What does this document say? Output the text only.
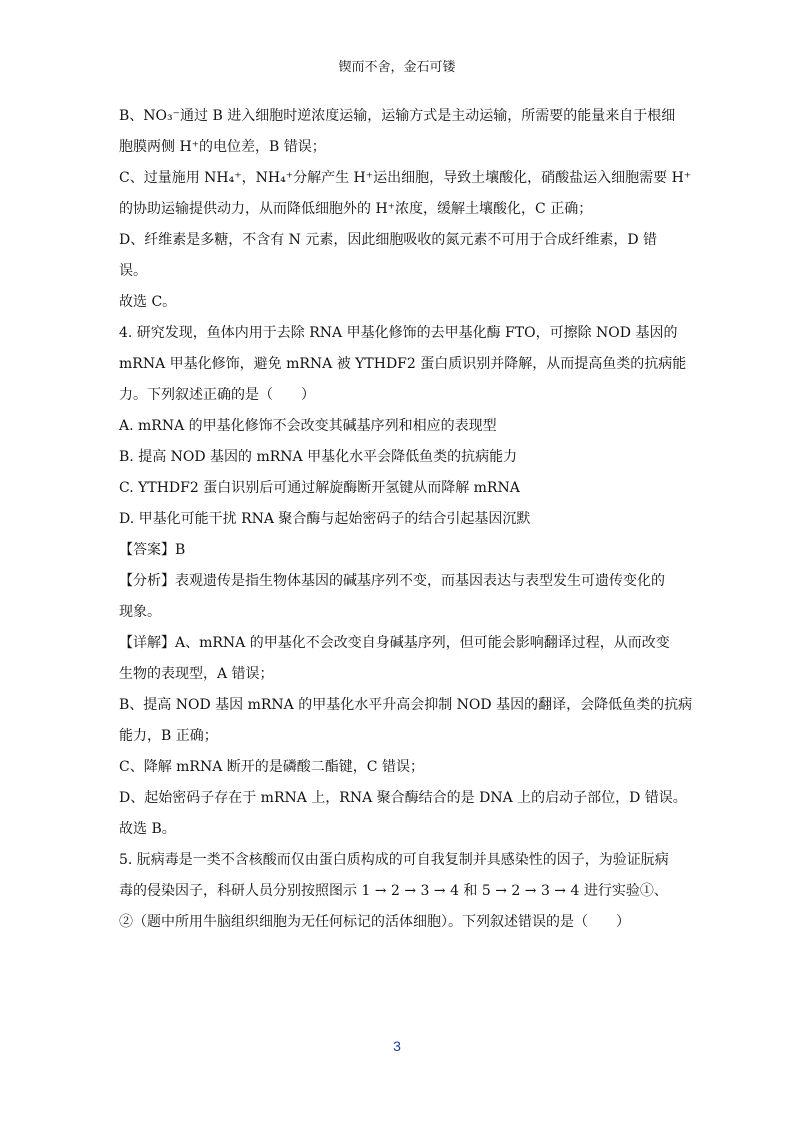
锲而不舍，金石可镂
B、NO₃⁻通过 B 进入细胞时逆浓度运输，运输方式是主动运输，所需要的能量来自于根细
胞膜两侧 H⁺的电位差，B 错误；
C、过量施用 NH₄⁺，NH₄⁺分解产生 H⁺运出细胞，导致土壤酸化，硝酸盐运入细胞需要 H⁺
的协助运输提供动力，从而降低细胞外的 H⁺浓度，缓解土壤酸化，C 正确；
D、纤维素是多糖，不含有 N 元素，因此细胞吸收的氮元素不可用于合成纤维素，D 错
误。
故选 C。
4. 研究发现，鱼体内用于去除 RNA 甲基化修饰的去甲基化酶 FTO，可擦除 NOD 基因的
mRNA 甲基化修饰，避免 mRNA 被 YTHDF2 蛋白质识别并降解，从而提高鱼类的抗病能
力。下列叙述正确的是（　　）
A. mRNA 的甲基化修饰不会改变其碱基序列和相应的表现型
B. 提高 NOD 基因的 mRNA 甲基化水平会降低鱼类的抗病能力
C. YTHDF2 蛋白识别后可通过解旋酶断开氢键从而降解 mRNA
D. 甲基化可能干扰 RNA 聚合酶与起始密码子的结合引起基因沉默
【答案】B
【分析】表观遗传是指生物体基因的碱基序列不变，而基因表达与表型发生可遗传变化的
现象。
【详解】A、mRNA 的甲基化不会改变自身碱基序列，但可能会影响翻译过程，从而改变
生物的表现型，A 错误；
B、提高 NOD 基因 mRNA 的甲基化水平升高会抑制 NOD 基因的翻译，会降低鱼类的抗病
能力，B 正确；
C、降解 mRNA 断开的是磷酸二酯键，C 错误；
D、起始密码子存在于 mRNA 上，RNA 聚合酶结合的是 DNA 上的启动子部位，D 错误。
故选 B。
5. 朊病毒是一类不含核酸而仅由蛋白质构成的可自我复制并具感染性的因子，为验证朊病
毒的侵染因子，科研人员分别按照图示 1 → 2 → 3 → 4 和 5 → 2 → 3 → 4 进行实验①、
②（题中所用牛脑组织细胞为无任何标记的活体细胞）。下列叙述错误的是（　　）
3
